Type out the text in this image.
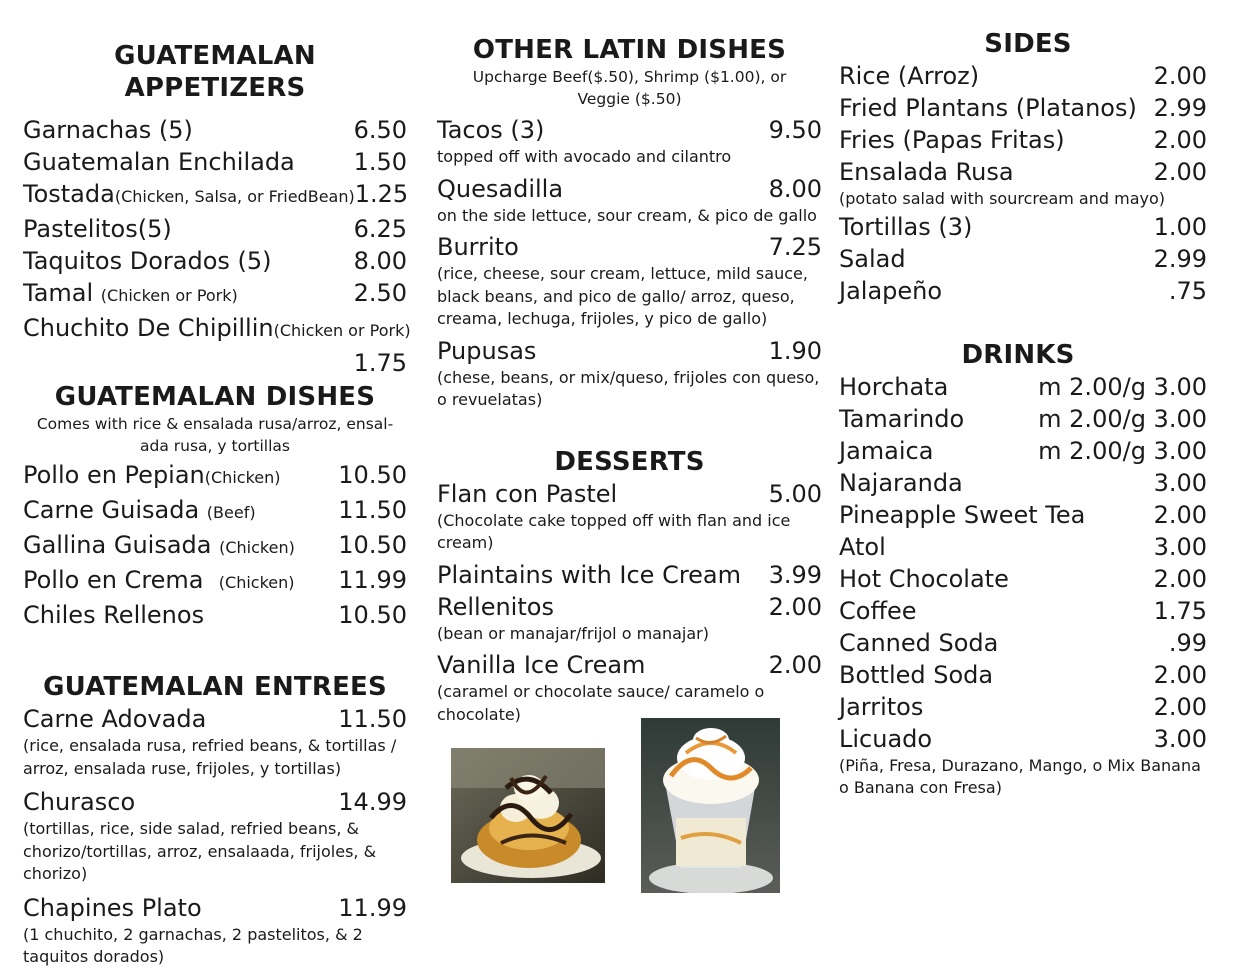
GUATEMALAN APPETIZERS
Garnachas (5)	6.50
Guatemalan Enchilada 1.50
Tostada(Chicken, Salsa, or FriedBean) 1.25
Pastelitos(5)	6.25
Taquitos Dorados (5)	8.00
Tamal (Chicken or Pork)	2.50
Chuchito De Chipillin (Chicken or Pork)
1.75
GUATEMALAN DISHES
Comes with rice & ensalada rusa/arroz, ensal-ada rusa, y tortillas
Pollo en Pepian(Chicken) 10.50
Carne Guisada (Beef)	11.50
Gallina Guisada (Chicken) 10.50
Pollo en Crema (Chicken) 11.99
Chiles Rellenos	10.50
GUATEMALAN ENTREES
Carne Adovada	11.50
(rice, ensalada rusa, refried beans, & tortillas / arroz, ensalada ruse, frijoles, y tortillas)
Churasco	14.99
(tortillas, rice, side salad, refried beans, & chorizo/tortillas, arroz, ensalaada, frijoles, & chorizo)
Chapines Plato	11.99
(1 chuchito, 2 garnachas, 2 pastelitos, & 2 taquitos dorados)
OTHER LATIN DISHES
Upcharge Beef($.50), Shrimp ($1.00), or Veggie ($.50)
Tacos (3)	9.50
topped off with avocado and cilantro
Quesadilla	8.00
on the side lettuce, sour cream, & pico de gallo
Burrito	7.25
(rice, cheese, sour cream, lettuce, mild sauce, black beans, and pico de gallo/ arroz, queso, creama, lechuga, frijoles, y pico de gallo)
Pupusas	1.90
(chese, beans, or mix/queso, frijoles con queso, o revuelatas)
DESSERTS
Flan con Pastel	5.00
(Chocolate cake topped off with flan and ice cream)
Plaintains with Ice Cream 3.99
Rellenitos	2.00
(bean or manajar/frijol o manajar)
Vanilla Ice Cream	2.00
(caramel or chocolate sauce/ caramelo o chocolate)
SIDES
Rice (Arroz)	2.00
Fried Plantans (Platanos) 2.99
Fries (Papas Fritas)	2.00
Ensalada Rusa	2.00
(potato salad with sourcream and mayo)
Tortillas (3)	1.00
Salad	2.99
Jalapeño	.75
DRINKS
Horchata	m 2.00/g 3.00
Tamarindo	m 2.00/g 3.00
Jamaica	m 2.00/g 3.00
Najaranda	3.00
Pineapple Sweet Tea	2.00
Atol	3.00
Hot Chocolate	2.00
Coffee	1.75
Canned Soda	.99
Bottled Soda	2.00
Jarritos	2.00
Licuado	3.00
(Piña, Fresa, Durazano, Mango, o Mix Banana o Banana con Fresa)
